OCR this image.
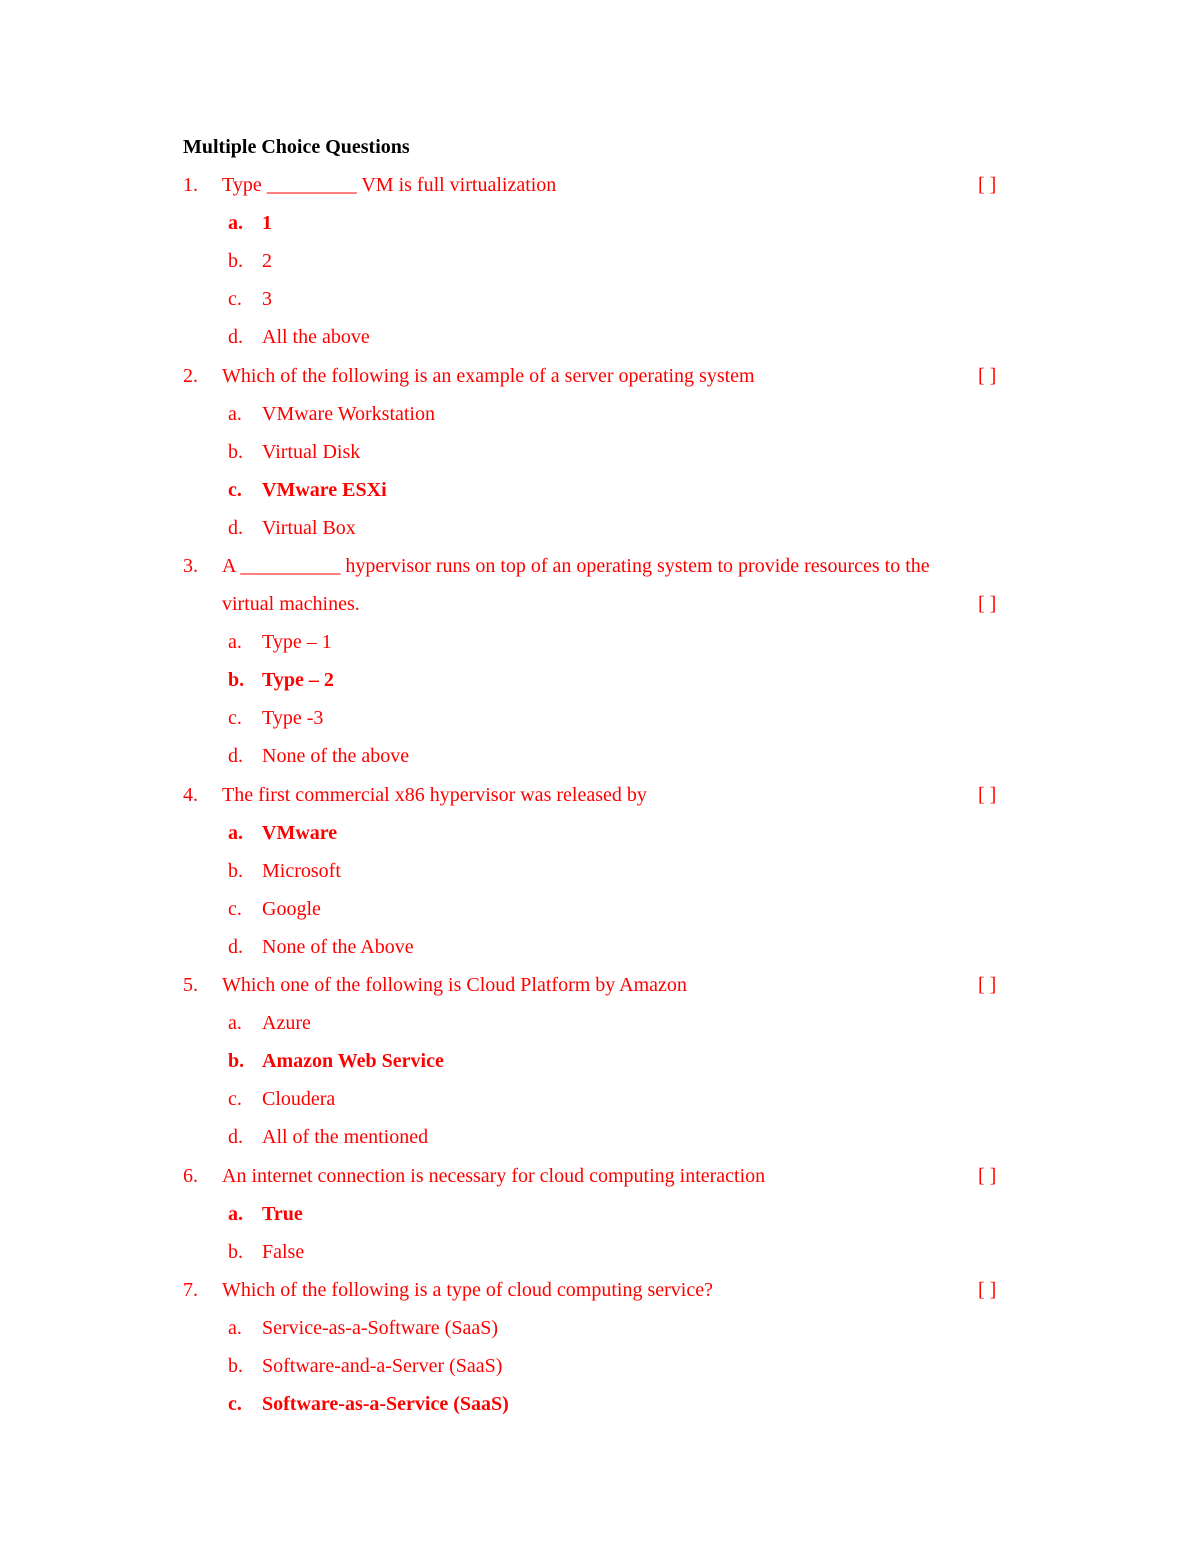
Multiple Choice Questions
1.	Type _________ VM is full virtualization	[ ]
a. 1
b. 2
c.	3
d. All the above
2.	Which of the following is an example of a server operating system	[ ]
a.	VMware Workstation
b. Virtual Disk
c.	VMware ESXi
d. Virtual Box
3.	A __________ hypervisor runs on top of an operating system to provide resources to the
virtual machines.	[ ]
a.	Type – 1
b. Type – 2
c.	Type -3
d. None of the above
4.	The first commercial x86 hypervisor was released by	[ ]
a. VMware
b. Microsoft
c.	Google
d. None of the Above
5.	Which one of the following is Cloud Platform by Amazon	[ ]
a.	Azure
b. Amazon Web Service
c.	Cloudera
d. All of the mentioned
6.	An internet connection is necessary for cloud computing interaction	[ ]
a. True
b. False
7.	Which of the following is a type of cloud computing service?	[ ]
a.	Service-as-a-Software (SaaS)
b. Software-and-a-Server (SaaS)
c.	Software-as-a-Service (SaaS)
